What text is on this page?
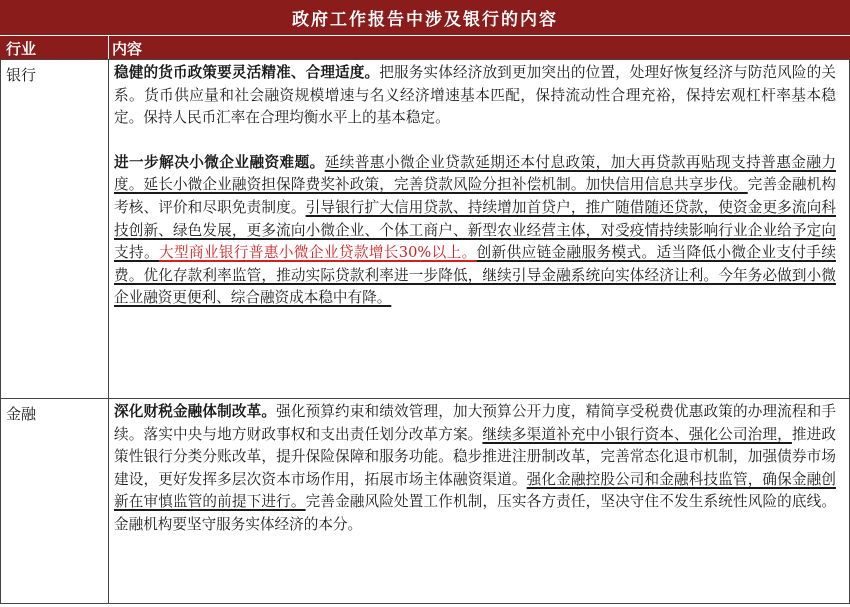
政府工作报告中涉及银行的内容
行业	内容
银行	稳健的货币政策要灵活精准、合理适度。把服务实体经济放到更加突出的位置，处理好恢复经济与防范风险的关系。货币供应量和社会融资规模增速与名义经济增速基本匹配，保持流动性合理充裕，保持宏观杠杆率基本稳定。保持人民币汇率在合理均衡水平上的基本稳定。

进一步解决小微企业融资难题。延续普惠小微企业贷款延期还本付息政策，加大再贷款再贴现支持普惠金融力度。延长小微企业融资担保降费奖补政策，完善贷款风险分担补偿机制。加快信用信息共享步伐。完善金融机构考核、评价和尽职免责制度。引导银行扩大信用贷款、持续增加首贷户，推广随借随还贷款，使资金更多流向科技创新、绿色发展，更多流向小微企业、个体工商户、新型农业经营主体，对受疫情持续影响行业企业给予定向支持。大型商业银行普惠小微企业贷款增长30%以上。创新供应链金融服务模式。适当降低小微企业支付手续费。优化存款利率监管，推动实际贷款利率进一步降低，继续引导金融系统向实体经济让利。今年务必做到小微企业融资更便利、综合融资成本稳中有降。

金融	深化财税金融体制改革。强化预算约束和绩效管理，加大预算公开力度，精简享受税费优惠政策的办理流程和手续。落实中央与地方财政事权和支出责任划分改革方案。继续多渠道补充中小银行资本、强化公司治理，推进政策性银行分类分账改革，提升保险保障和服务功能。稳步推进注册制改革，完善常态化退市机制，加强债券市场建设，更好发挥多层次资本市场作用，拓展市场主体融资渠道。强化金融控股公司和金融科技监管，确保金融创新在审慎监管的前提下进行。完善金融风险处置工作机制，压实各方责任，坚决守住不发生系统性风险的底线。金融机构要坚守服务实体经济的本分。
